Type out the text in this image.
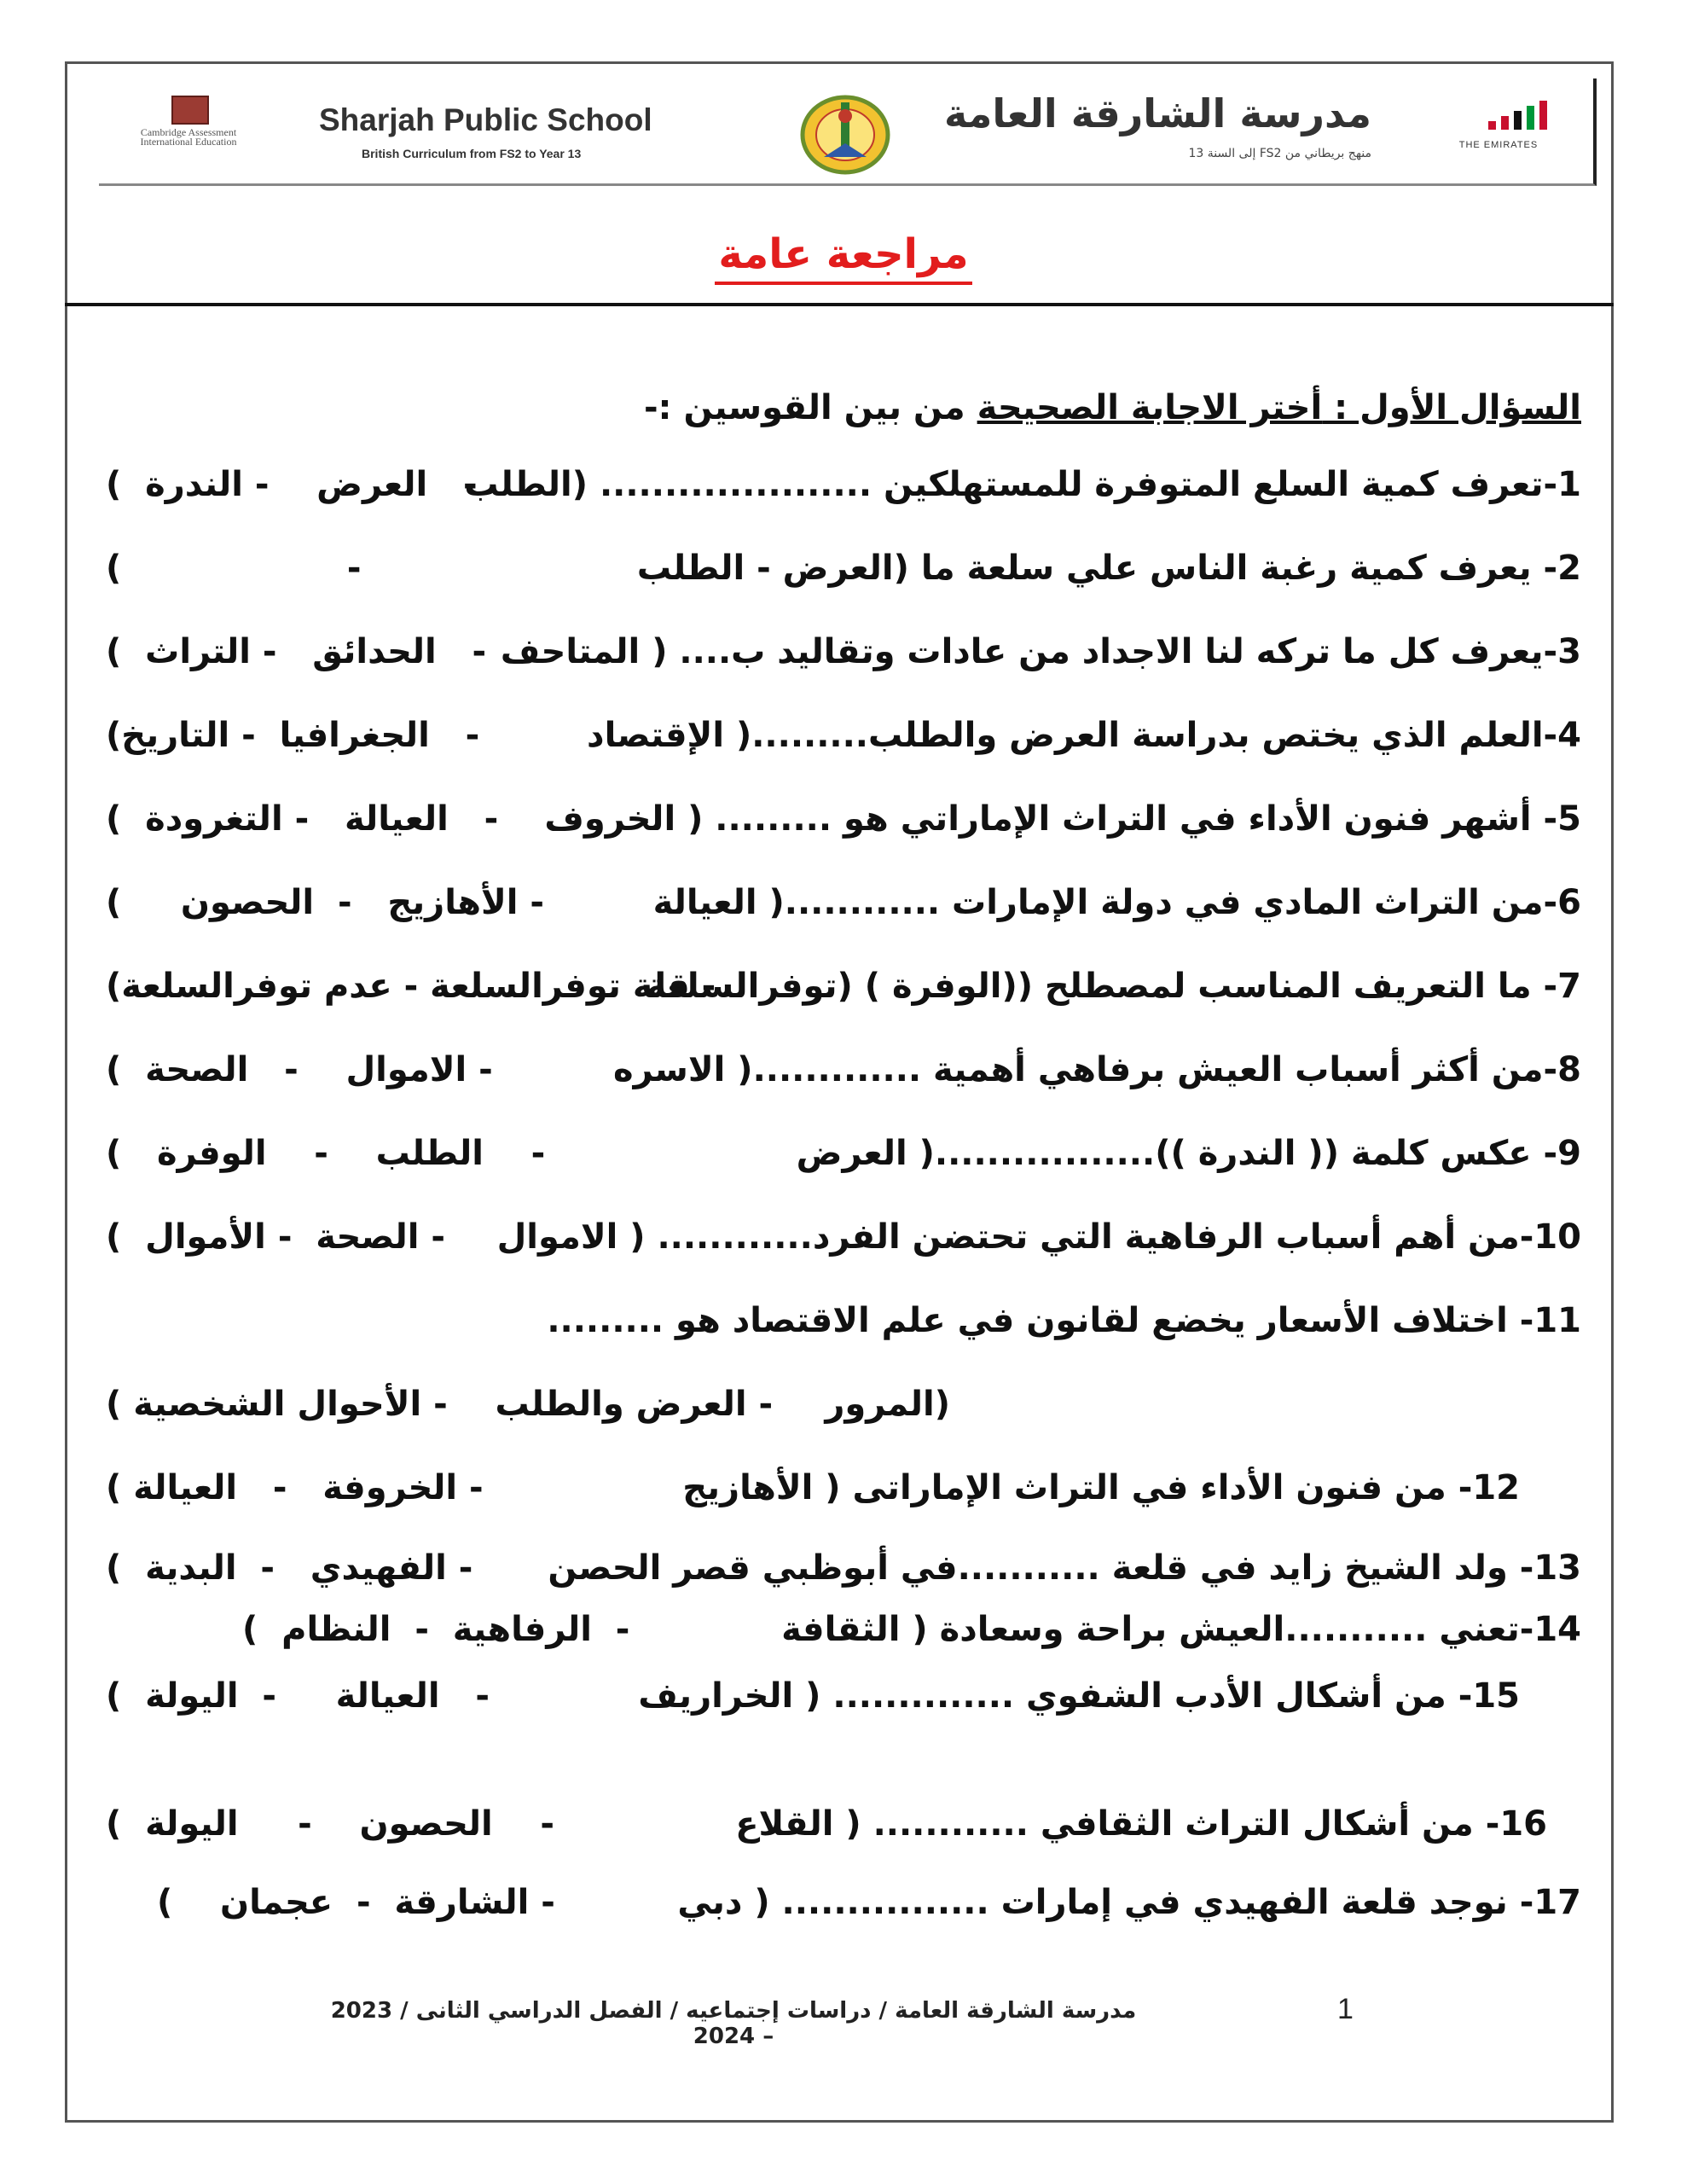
THE EMIRATES
مدرسة الشارقة العامة
منهج بريطاني من FS2 إلى السنة 13
Sharjah Public School
British Curriculum from FS2 to Year 13
Cambridge Assessment International Education
مراجعة عامة
السؤال الأول : أختر الاجابة الصحيحة من بين القوسين :-
1-تعرف كمية السلع المتوفرة للمستهلكين ..................... (الطلب
-   العرض    - الندرة  )
2- يعرف كمية رغبة الناس علي سلعة ما (العرض - الطلب
-                   )
3-يعرف كل ما تركه لنا الاجداد من عادات وتقاليد ب.... ( المتاحف
-   الحدائق   - التراث  )
4-العلم الذي يختص بدراسة العرض والطلب.........( الإقتصاد
-   الجغرافيا  - التاريخ)
5- أشهر فنون الأداء في التراث الإماراتي هو ......... ( الخروف
-   العيالة   - التغرودة  )
6-من التراث المادي في دولة الإمارات ............( العيالة
- الأهازيج   -  الحصون     )
7- ما التعريف المناسب لمصطلح ((الوفرة ) (توفرالسلعة
- قلة توفرالسلعة - عدم توفرالسلعة)
8-من أكثر أسباب العيش برفاهي أهمية .............( الاسره
- الاموال    -   الصحة  )
9- عكس كلمة (( الندرة )).................( العرض
-    الطلب    -    الوفرة   )
10-من أهم أسباب الرفاهية التي تحتضن الفرد............ ( الاموال
- الصحة  - الأموال  )
11- اختلاف الأسعار يخضع لقانون في علم الاقتصاد هو .........
(المرور
- العرض والطلب    - الأحوال الشخصية )
12- من فنون الأداء في التراث الإماراتى ( الأهازيج
- الخروفة   -   العيالة )
13- ولد الشيخ زايد في قلعة ...........في أبوظبي قصر الحصن
- الفهيدي   -  البدية  )
14-تعني ...........العيش براحة وسعادة ( الثقافة
-  الرفاهية  -  النظام  )
15- من أشكال الأدب الشفوي .............. ( الخراريف
-   العيالة     -  اليولة  )
16- من أشكال التراث الثقافي ............ ( القلاع
-    الحصون    -     اليولة  )
17- نوجد قلعة الفهيدي في إمارات ................ ( دبي
- الشارقة  -  عجمان    )
مدرسة الشارقة العامة / دراسات إجتماعيه / الفصل الدراسي الثانى / 2023 – 2024
1
